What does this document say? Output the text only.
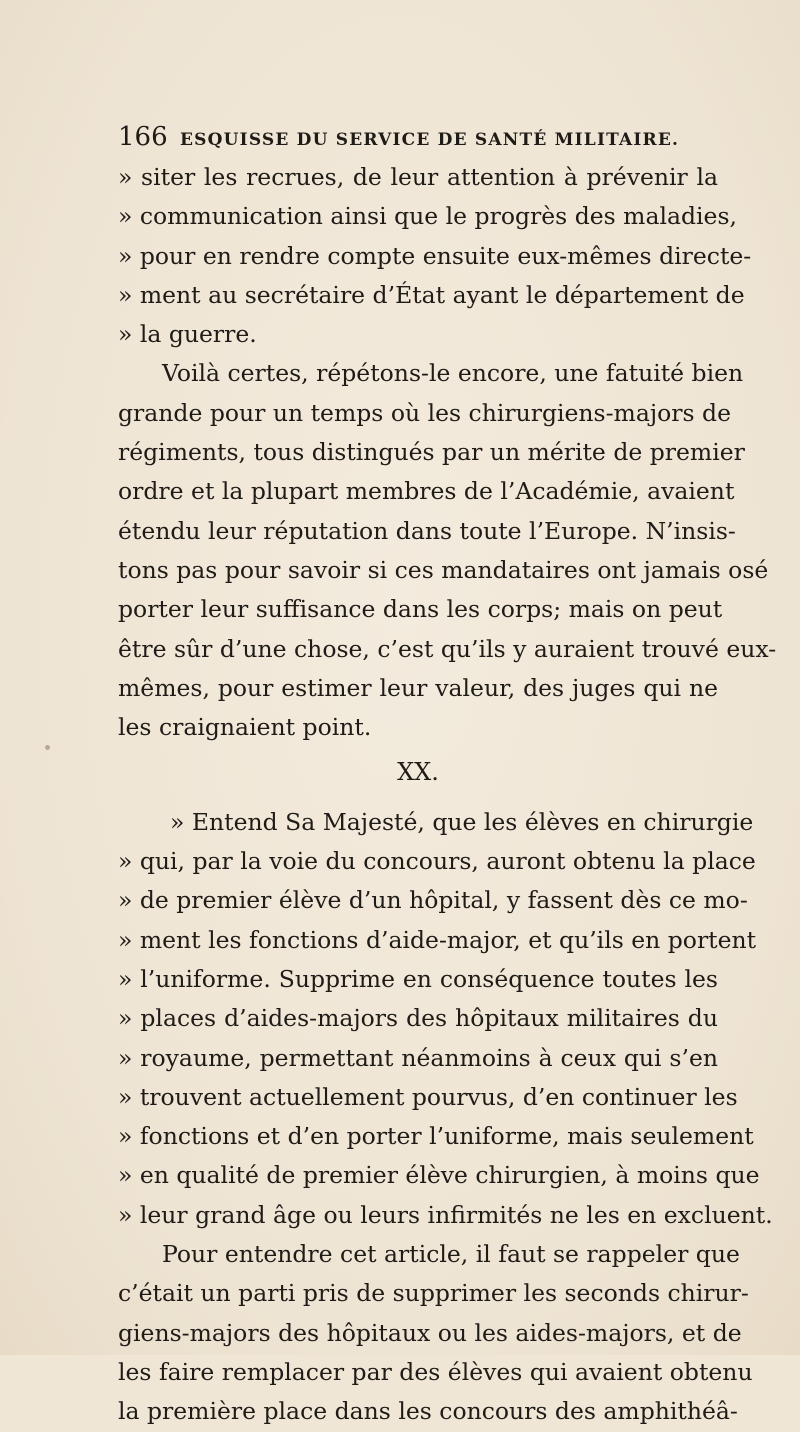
166 ESQUISSE DU SERVICE DE SANTÉ MILITAIRE.
» siter les recrues, de leur attention à prévenir la
» communication ainsi que le progrès des maladies,
» pour en rendre compte ensuite eux-mêmes directe-
» ment au secrétaire d’État ayant le département de
» la guerre.
Voilà certes, répétons-le encore, une fatuité bien
grande pour un temps où les chirurgiens-majors de
régiments, tous distingués par un mérite de premier
ordre et la plupart membres de l’Académie, avaient
étendu leur réputation dans toute l’Europe. N’insis-
tons pas pour savoir si ces mandataires ont jamais osé
porter leur suffisance dans les corps; mais on peut
être sûr d’une chose, c’est qu’ils y auraient trouvé eux-
mêmes, pour estimer leur valeur, des juges qui ne
les craignaient point.
XX.
» Entend Sa Majesté, que les élèves en chirurgie
» qui, par la voie du concours, auront obtenu la place
» de premier élève d’un hôpital, y fassent dès ce mo-
» ment les fonctions d’aide-major, et qu’ils en portent
» l’uniforme. Supprime en conséquence toutes les
» places d’aides-majors des hôpitaux militaires du
» royaume, permettant néanmoins à ceux qui s’en
» trouvent actuellement pourvus, d’en continuer les
» fonctions et d’en porter l’uniforme, mais seulement
» en qualité de premier élève chirurgien, à moins que
» leur grand âge ou leurs infirmités ne les en excluent.
Pour entendre cet article, il faut se rappeler que
c’était un parti pris de supprimer les seconds chirur-
giens-majors des hôpitaux ou les aides-majors, et de
les faire remplacer par des élèves qui avaient obtenu
la première place dans les concours des amphithéâ-
